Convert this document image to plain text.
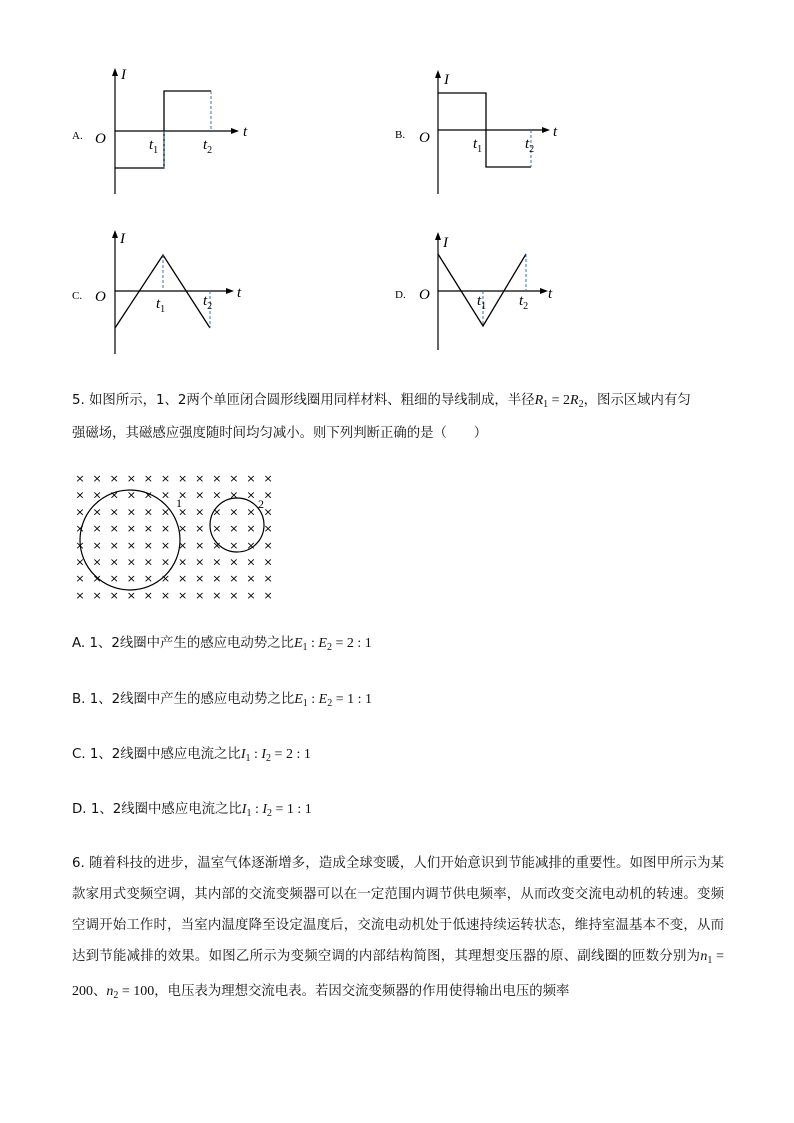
A.
I
O	t
$t_1$	$t_2$
B.
I
O	t
$t_1$	$t_2$
C.
I
O	t
$t_1$
$t_2$
D.
I
O	t
$t_1$ $t_2$
5. 如图所示，1、2两个单匝闭合圆形线圈用同样材料、粗细的导线制成，半径$R_1 = 2R_2$，图示区域内有匀
强磁场，其磁感应强度随时间均匀减小。则下列判断正确的是（　　）
× × × × × × × × × × × ×
× × × × × × × × × × × ×
× × × × × × × × × × × ×
× × × × × × × × × × × ×
× × × × × × × × × × × ×
× × × × × × × × × × × ×
× × × × × × × × × × × ×
× × × × × × × × × × × ×
1	2
A. 1、2线圈中产生的感应电动势之比$E_1$ : $E_2 = 2$ : 1
B. 1、2线圈中产生的感应电动势之比$E_1$ : $E_2 = 1$ : 1
C. 1、2线圈中感应电流之比$I_1$ : $I_2 = 2$ : 1
D. 1、2线圈中感应电流之比$I_1$ : $I_2 = 1$ : 1
6. 随着科技的进步，温室气体逐渐增多，造成全球变暖，人们开始意识到节能减排的重要性。如图甲所示为某款家用式变频空调，其内部的交流变频器可以在一定范围内调节供电频率，从而改变交流电动机的转速。变频空调开始工作时，当室内温度降至设定温度后，交流电动机处于低速持续运转状态，维持室温基本不变，从而达到节能减排的效果。如图乙所示为变频空调的内部结构简图，其理想变压器的原、副线圈的匝数分别为$n_1 = 200$、$n_2 = 100$，电压表为理想交流电表。若因交流变频器的作用使得输出电压的频率
